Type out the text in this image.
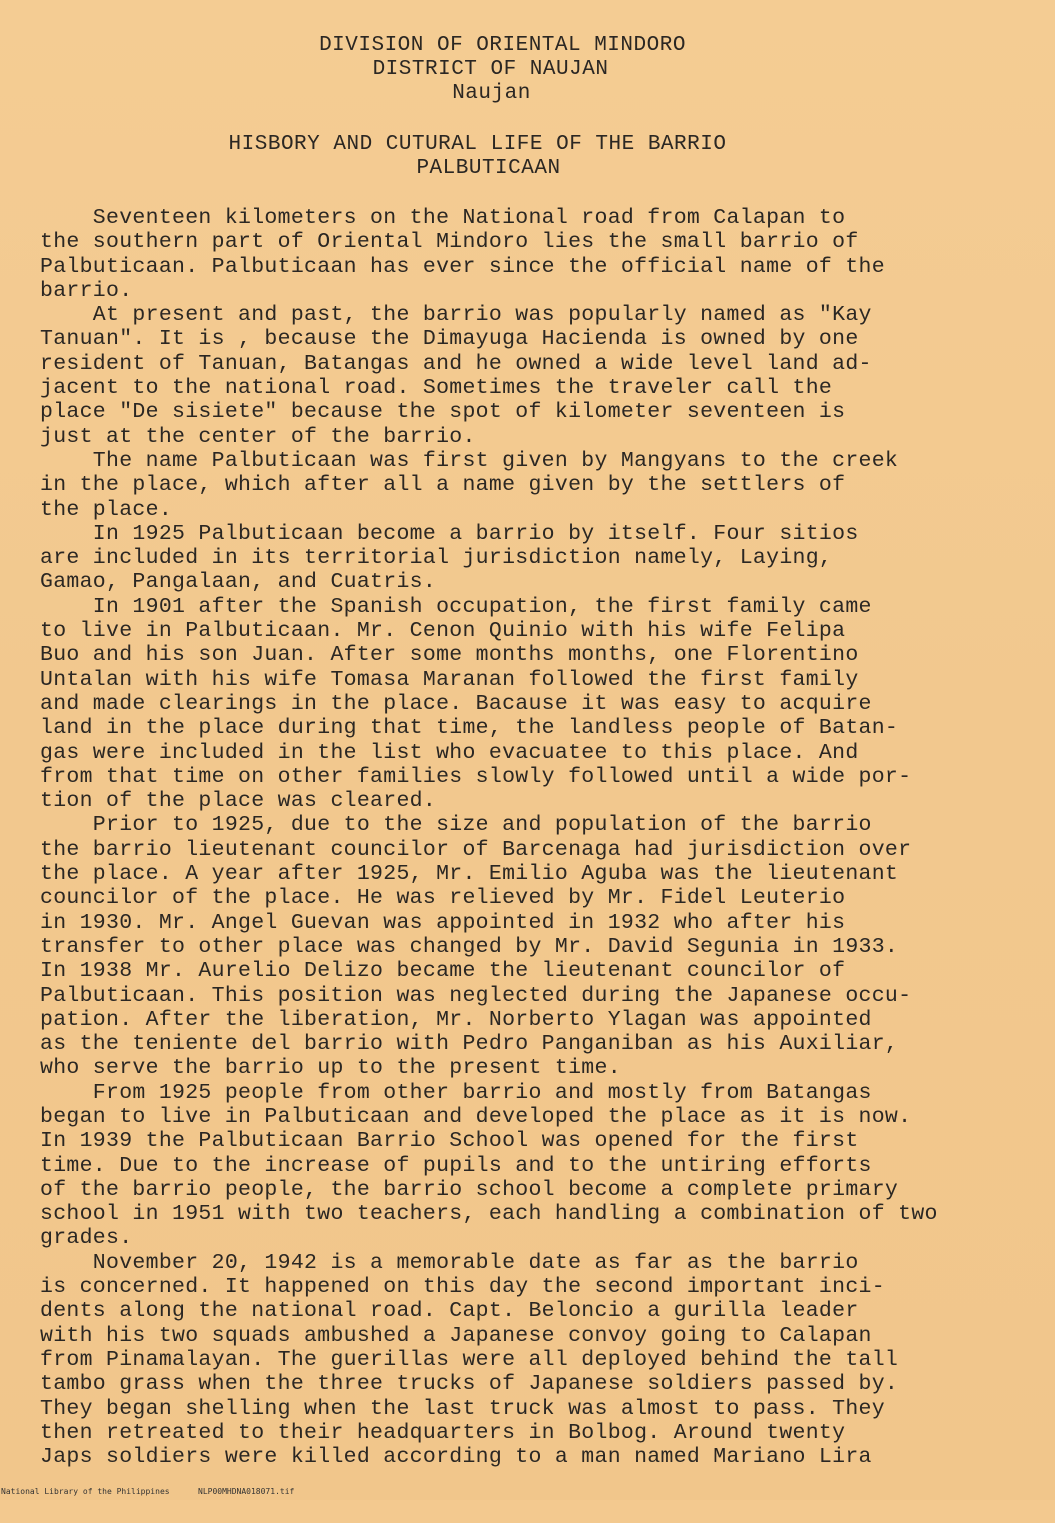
DIVISION OF ORIENTAL MINDORO
DISTRICT OF NAUJAN
Naujan
HISBORY AND CUTURAL LIFE OF THE BARRIO
PALBUTICAAN
Seventeen kilometers on the National road from Calapan to
the southern part of Oriental Mindoro lies the small barrio of
Palbuticaan. Palbuticaan has ever since the official name of the
barrio.
At present and past, the barrio was popularly named as "Kay
Tanuan". It is , because the Dimayuga Hacienda is owned by one
resident of Tanuan, Batangas and he owned a wide level land ad-
jacent to the national road. Sometimes the traveler call the
place "De sisiete" because the spot of kilometer seventeen is
just at the center of the barrio.
The name Palbuticaan was first given by Mangyans to the creek
in the place, which after all a name given by the settlers of
the place.
In 1925 Palbuticaan become a barrio by itself. Four sitios
are included in its territorial jurisdiction namely, Laying,
Gamao, Pangalaan, and Cuatris.
In 1901 after the Spanish occupation, the first family came
to live in Palbuticaan. Mr. Cenon Quinio with his wife Felipa
Buo and his son Juan. After some months months, one Florentino
Untalan with his wife Tomasa Maranan followed the first family
and made clearings in the place. Bacause it was easy to acquire
land in the place during that time, the landless people of Batan-
gas were included in the list who evacuatee to this place. And
from that time on other families slowly followed until a wide por-
tion of the place was cleared.
Prior to 1925, due to the size and population of the barrio
the barrio lieutenant councilor of Barcenaga had jurisdiction over
the place. A year after 1925, Mr. Emilio Aguba was the lieutenant
councilor of the place. He was relieved by Mr. Fidel Leuterio
in 1930. Mr. Angel Guevan was appointed in 1932 who after his
transfer to other place was changed by Mr. David Segunia in 1933.
In 1938 Mr. Aurelio Delizo became the lieutenant councilor of
Palbuticaan. This position was neglected during the Japanese occu-
pation. After the liberation, Mr. Norberto Ylagan was appointed
as the teniente del barrio with Pedro Panganiban as his Auxiliar,
who serve the barrio up to the present time.
From 1925 people from other barrio and mostly from Batangas
began to live in Palbuticaan and developed the place as it is now.
In 1939 the Palbuticaan Barrio School was opened for the first
time. Due to the increase of pupils and to the untiring efforts
of the barrio people, the barrio school become a complete primary
school in 1951 with two teachers, each handling a combination of two
grades.
November 20, 1942 is a memorable date as far as the barrio
is concerned. It happened on this day the second important inci-
dents along the national road. Capt. Beloncio a gurilla leader
with his two squads ambushed a Japanese convoy going to Calapan
from Pinamalayan. The guerillas were all deployed behind the tall
tambo grass when the three trucks of Japanese soldiers passed by.
They began shelling when the last truck was almost to pass. They
then retreated to their headquarters in Bolbog. Around twenty
Japs soldiers were killed according to a man named Mariano Lira

National Library of the Philippines

	NLP00MHDNA018071.tif
